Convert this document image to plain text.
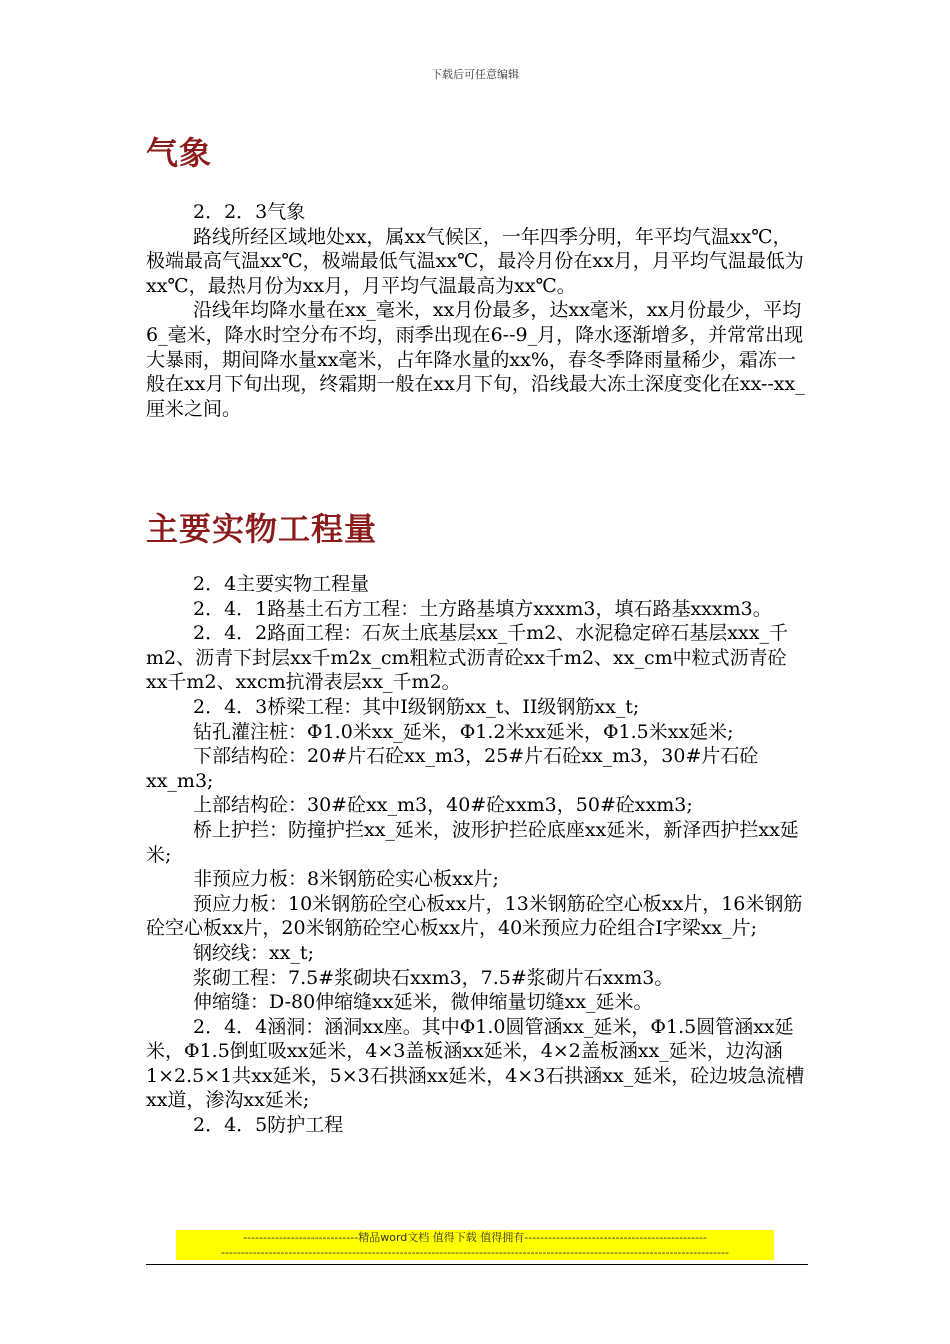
下载后可任意编辑
气象

2．2．3气象

路线所经区域地处xx，属xx气候区，一年四季分明，年平均气温xx℃，极端最高气温xx℃，极端最低气温xx℃，最冷月份在xx月，月平均气温最低为xx℃，最热月份为xx月，月平均气温最高为xx℃。

沿线年均降水量在xx_毫米，xx月份最多，达xx毫米，xx月份最少，平均6_毫米，降水时空分布不均，雨季出现在6--9_月，降水逐渐增多，并常常出现大暴雨，期间降水量xx毫米，占年降水量的xx%，春冬季降雨量稀少，霜冻一般在xx月下旬出现，终霜期一般在xx月下旬，沿线最大冻土深度变化在xx--xx_厘米之间。

主要实物工程量

2．4主要实物工程量

2．4．1路基土石方工程：土方路基填方xxxm3，填石路基xxxm3。

2．4．2路面工程：石灰土底基层xx_千m2、水泥稳定碎石基层xxx_千m2、沥青下封层xx千m2x_cm粗粒式沥青砼xx千m2、xx_cm中粒式沥青砼xx千m2、xxcm抗滑表层xx_千m2。

2．4．3桥梁工程：其中I级钢筋xx_t、II级钢筋xx_t;

钻孔灌注桩：Φ1.0米xx_延米，Φ1.2米xx延米，Φ1.5米xx延米;

下部结构砼：20#片石砼xx_m3，25#片石砼xx_m3，30#片石砼xx_m3;

上部结构砼：30#砼xx_m3，40#砼xxm3，50#砼xxm3;

桥上护拦：防撞护拦xx_延米，波形护拦砼底座xx延米，新泽西护拦xx延米;

非预应力板：8米钢筋砼实心板xx片;

预应力板：10米钢筋砼空心板xx片，13米钢筋砼空心板xx片，16米钢筋砼空心板xx片，20米钢筋砼空心板xx片，40米预应力砼组合I字梁xx_片;

钢绞线：xx_t;

浆砌工程：7.5#浆砌块石xxm3，7.5#浆砌片石xxm3。

伸缩缝：D-80伸缩缝xx延米，微伸缩量切缝xx_延米。

2．4．4涵洞：涵洞xx座。其中Φ1.0圆管涵xx_延米，Φ1.5圆管涵xx延米，Φ1.5倒虹吸xx延米，4×3盖板涵xx延米，4×2盖板涵xx_延米，边沟涵1×2.5×1共xx延米，5×3石拱涵xx延米，4×3石拱涵xx_延米，砼边坡急流槽xx道，渗沟xx延米;

2．4．5防护工程

-----------------------------精品word文档 值得下载 值得拥有----------------------------------------------
--------------------------------------------------------------------------------------------------------------------------------
